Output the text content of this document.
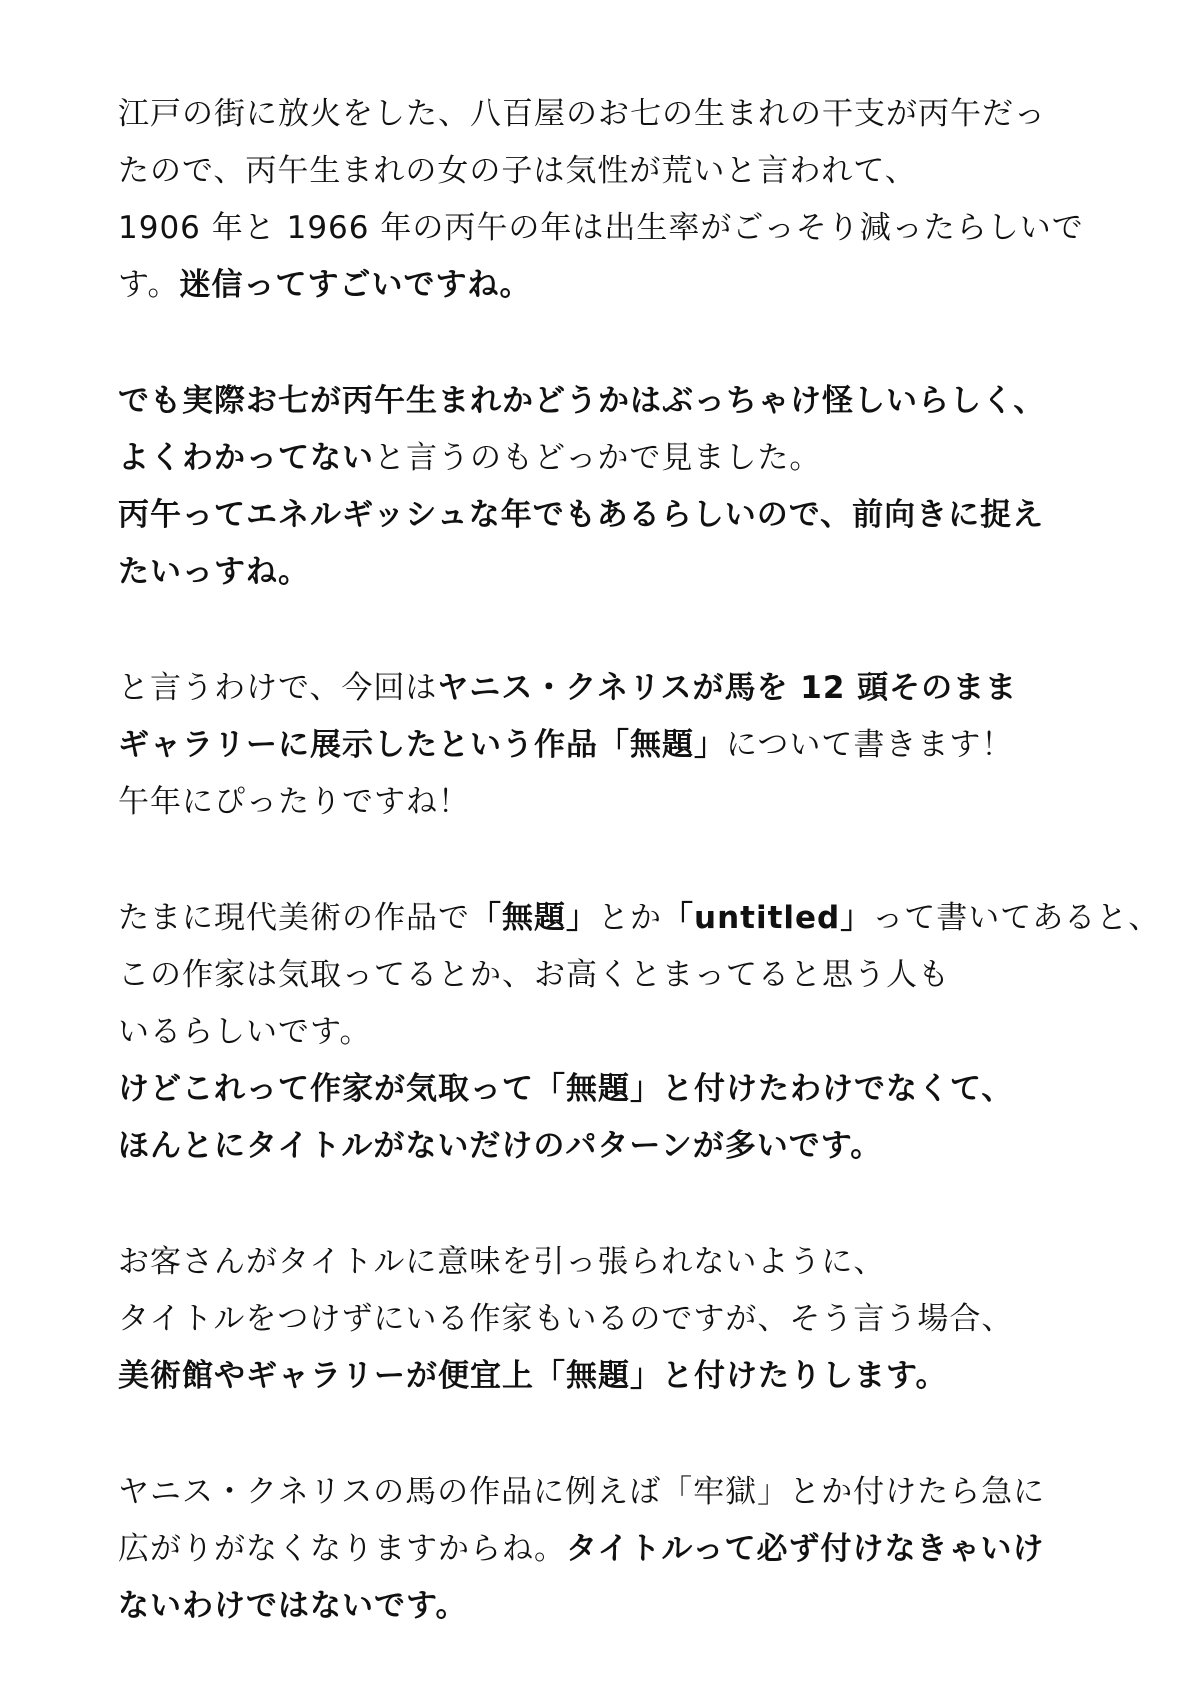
江戸の街に放火をした、八百屋のお七の生まれの干支が丙午だっ
たので、丙午生まれの女の子は気性が荒いと言われて、
1906 年と 1966 年の丙午の年は出生率がごっそり減ったらしいで
す。迷信ってすごいですね。
でも実際お七が丙午生まれかどうかはぶっちゃけ怪しいらしく、
よくわかってないと言うのもどっかで見ました。
丙午ってエネルギッシュな年でもあるらしいので、前向きに捉え
たいっすね。
と言うわけで、今回はヤニス・クネリスが馬を 12 頭そのまま
ギャラリーに展示したという作品「無題」について書きます！
午年にぴったりですね！
たまに現代美術の作品で「無題」とか「untitled」って書いてあると、
この作家は気取ってるとか、お高くとまってると思う人も
いるらしいです。
けどこれって作家が気取って「無題」と付けたわけでなくて、
ほんとにタイトルがないだけのパターンが多いです。
お客さんがタイトルに意味を引っ張られないように、
タイトルをつけずにいる作家もいるのですが、そう言う場合、
美術館やギャラリーが便宜上「無題」と付けたりします。
ヤニス・クネリスの馬の作品に例えば「牢獄」とか付けたら急に
広がりがなくなりますからね。タイトルって必ず付けなきゃいけ
ないわけではないです。
